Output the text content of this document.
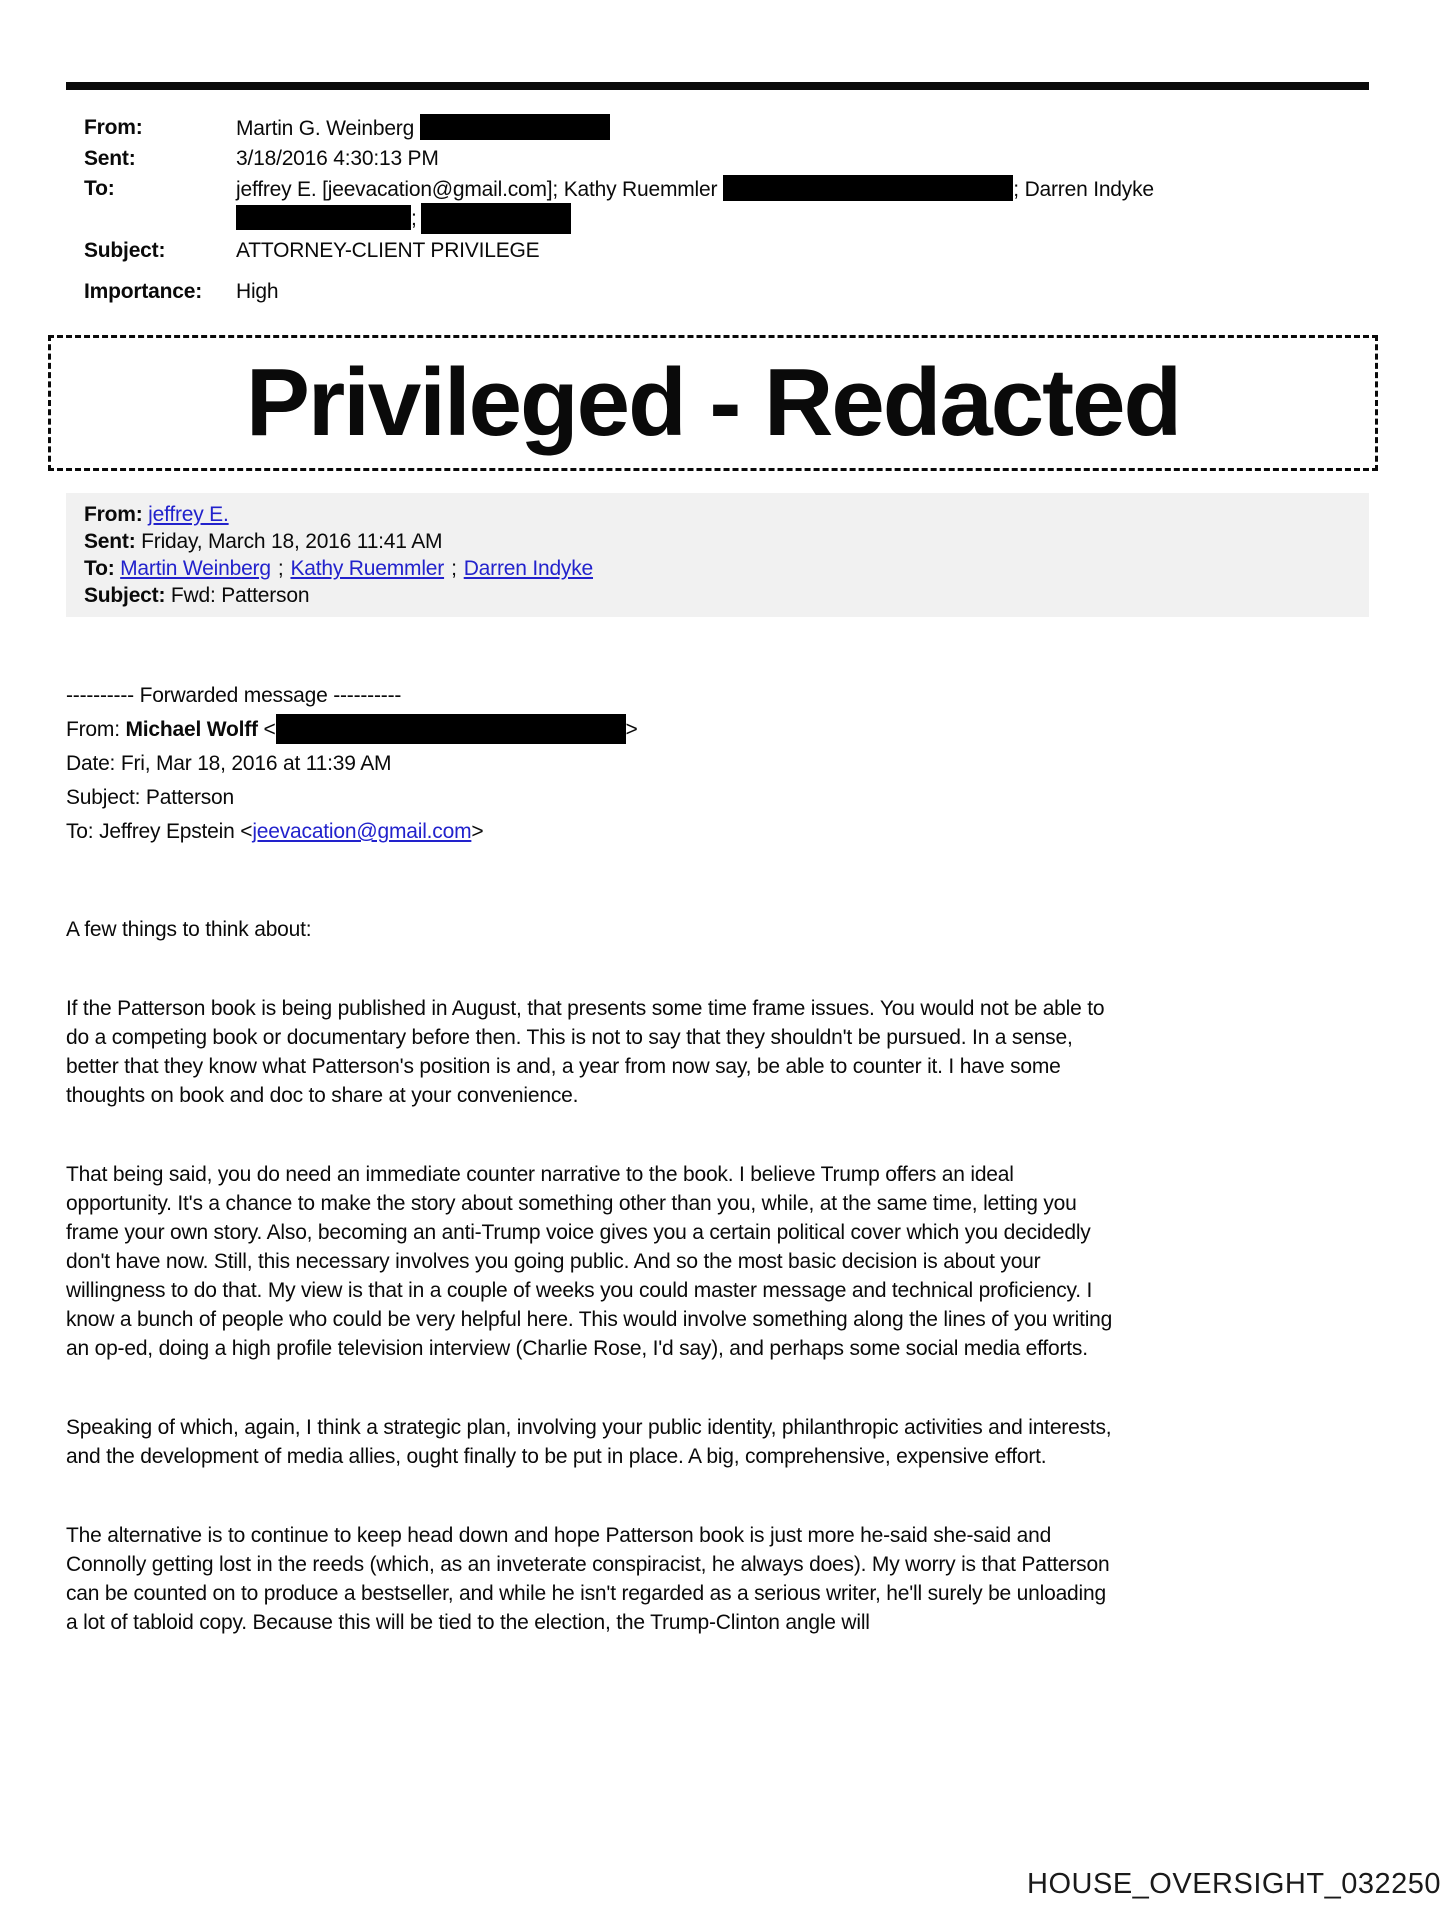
From:	Martin G. Weinberg
Sent:	3/18/2016 4:30:13 PM
To:	jeffrey E. [jeevacation@gmail.com]; Kathy Ruemmler	; Darren Indyke
;
Subject:	ATTORNEY-CLIENT PRIVILEGE
Importance:	High
Privileged - Redacted
From: jeffrey E.
Sent: Friday, March 18, 2016 11:41 AM
To: Martin Weinberg ; Kathy Ruemmler ; Darren Indyke
Subject: Fwd: Patterson
---------- Forwarded message ----------
From: Michael Wolff <	>
Date: Fri, Mar 18, 2016 at 11:39 AM
Subject: Patterson
To: Jeffrey Epstein <jeevacation@gmail.com>

A few things to think about:

If the Patterson book is being published in August, that presents some time frame issues. You would not be able to do a competing book or documentary before then. This is not to say that they shouldn't be pursued. In a sense, better that they know what Patterson's position is and, a year from now say, be able to counter it. I have some thoughts on book and doc to share at your convenience.

That being said, you do need an immediate counter narrative to the book. I believe Trump offers an ideal opportunity. It's a chance to make the story about something other than you, while, at the same time, letting you frame your own story. Also, becoming an anti-Trump voice gives you a certain political cover which you decidedly don't have now. Still, this necessary involves you going public. And so the most basic decision is about your willingness to do that. My view is that in a couple of weeks you could master message and technical proficiency. I know a bunch of people who could be very helpful here. This would involve something along the lines of you writing an op-ed, doing a high profile television interview (Charlie Rose, I'd say), and perhaps some social media efforts.

Speaking of which, again, I think a strategic plan, involving your public identity, philanthropic activities and interests, and the development of media allies, ought finally to be put in place. A big, comprehensive, expensive effort.

The alternative is to continue to keep head down and hope Patterson book is just more he-said she-said and Connolly getting lost in the reeds (which, as an inveterate conspiracist, he always does). My worry is that Patterson can be counted on to produce a bestseller, and while he isn't regarded as a serious writer, he'll surely be unloading a lot of tabloid copy. Because this will be tied to the election, the Trump-Clinton angle will

HOUSE_OVERSIGHT_032250
